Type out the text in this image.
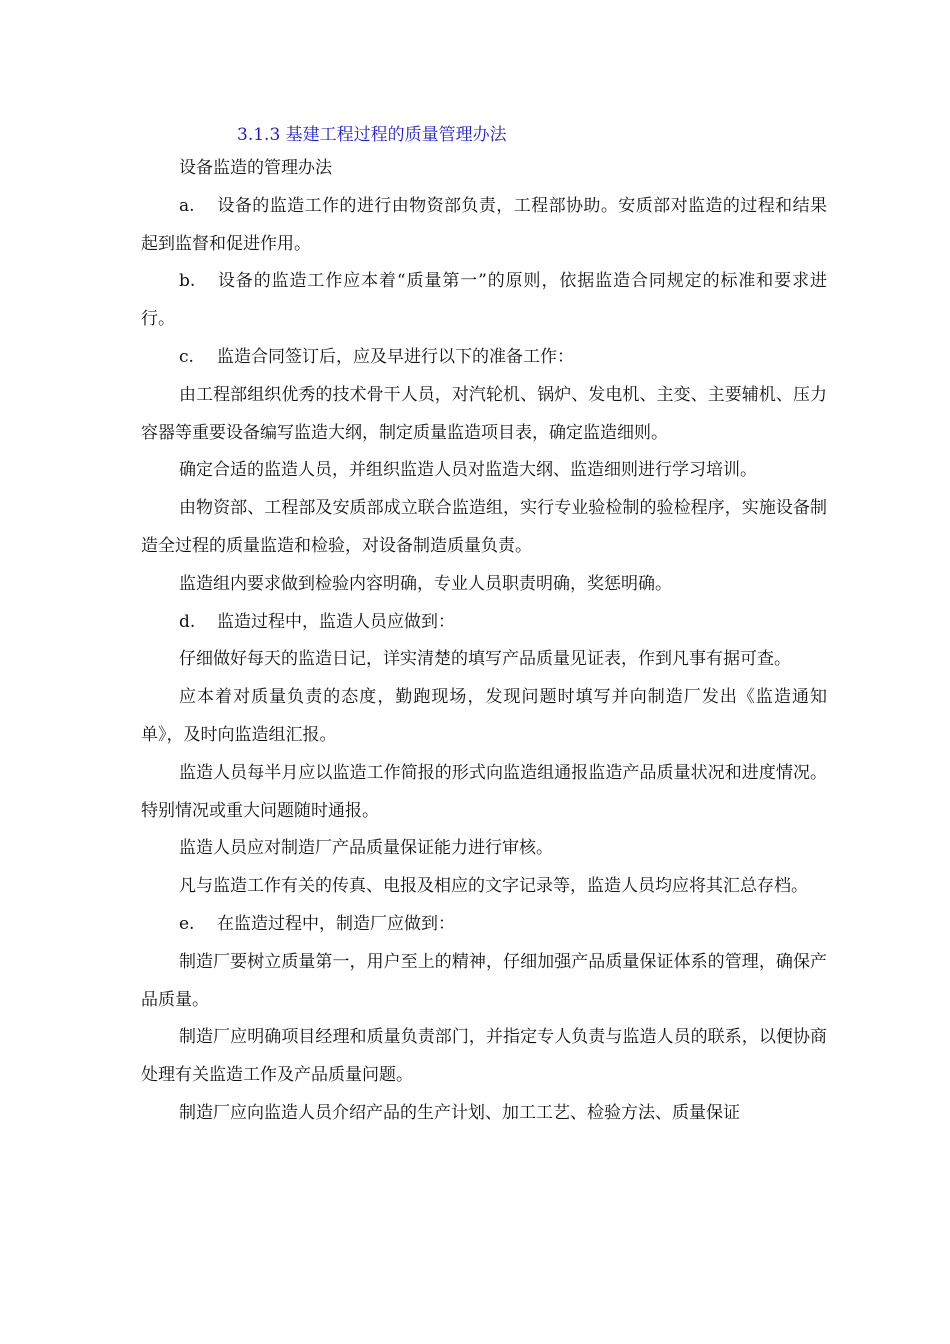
3.1.3 基建工程过程的质量管理办法

设备监造的管理办法

a. 设备的监造工作的进行由物资部负责，工程部协助。安质部对监造的过程和结果起到监督和促进作用。

b. 设备的监造工作应本着“质量第一”的原则，依据监造合同规定的标准和要求进行。

c. 监造合同签订后，应及早进行以下的准备工作：

由工程部组织优秀的技术骨干人员，对汽轮机、锅炉、发电机、主变、主要辅机、压力容器等重要设备编写监造大纲，制定质量监造项目表，确定监造细则。

确定合适的监造人员，并组织监造人员对监造大纲、监造细则进行学习培训。

由物资部、工程部及安质部成立联合监造组，实行专业验检制的验检程序，实施设备制造全过程的质量监造和检验，对设备制造质量负责。

监造组内要求做到检验内容明确，专业人员职责明确，奖惩明确。

d. 监造过程中，监造人员应做到：

仔细做好每天的监造日记，详实清楚的填写产品质量见证表，作到凡事有据可查。

应本着对质量负责的态度，勤跑现场，发现问题时填写并向制造厂发出《监造通知单》，及时向监造组汇报。

监造人员每半月应以监造工作简报的形式向监造组通报监造产品质量状况和进度情况。特别情况或重大问题随时通报。

监造人员应对制造厂产品质量保证能力进行审核。

凡与监造工作有关的传真、电报及相应的文字记录等，监造人员均应将其汇总存档。

e. 在监造过程中，制造厂应做到：

制造厂要树立质量第一，用户至上的精神，仔细加强产品质量保证体系的管理，确保产品质量。

制造厂应明确项目经理和质量负责部门，并指定专人负责与监造人员的联系，以便协商处理有关监造工作及产品质量问题。

制造厂应向监造人员介绍产品的生产计划、加工工艺、检验方法、质量保证
